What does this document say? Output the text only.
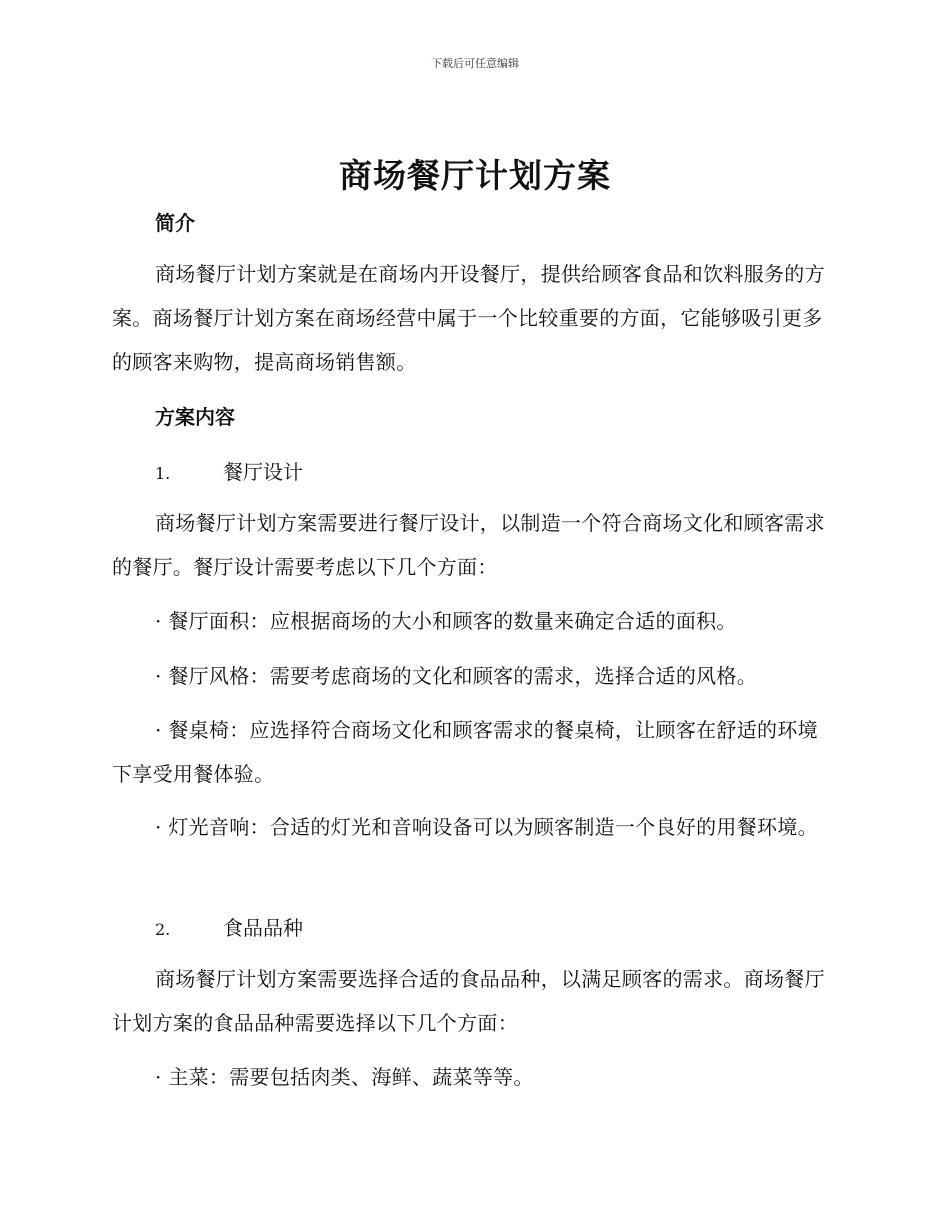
下载后可任意编辑
商场餐厅计划方案
简介

商场餐厅计划方案就是在商场内开设餐厅，提供给顾客食品和饮料服务的方案。商场餐厅计划方案在商场经营中属于一个比较重要的方面，它能够吸引更多的顾客来购物，提高商场销售额。

方案内容
1.	餐厅设计

商场餐厅计划方案需要进行餐厅设计，以制造一个符合商场文化和顾客需求的餐厅。餐厅设计需要考虑以下几个方面：

· 餐厅面积：应根据商场的大小和顾客的数量来确定合适的面积。

· 餐厅风格：需要考虑商场的文化和顾客的需求，选择合适的风格。

· 餐桌椅：应选择符合商场文化和顾客需求的餐桌椅，让顾客在舒适的环境下享受用餐体验。

· 灯光音响：合适的灯光和音响设备可以为顾客制造一个良好的用餐环境。

2.	食品品种

商场餐厅计划方案需要选择合适的食品品种，以满足顾客的需求。商场餐厅计划方案的食品品种需要选择以下几个方面：

· 主菜：需要包括肉类、海鲜、蔬菜等等。
